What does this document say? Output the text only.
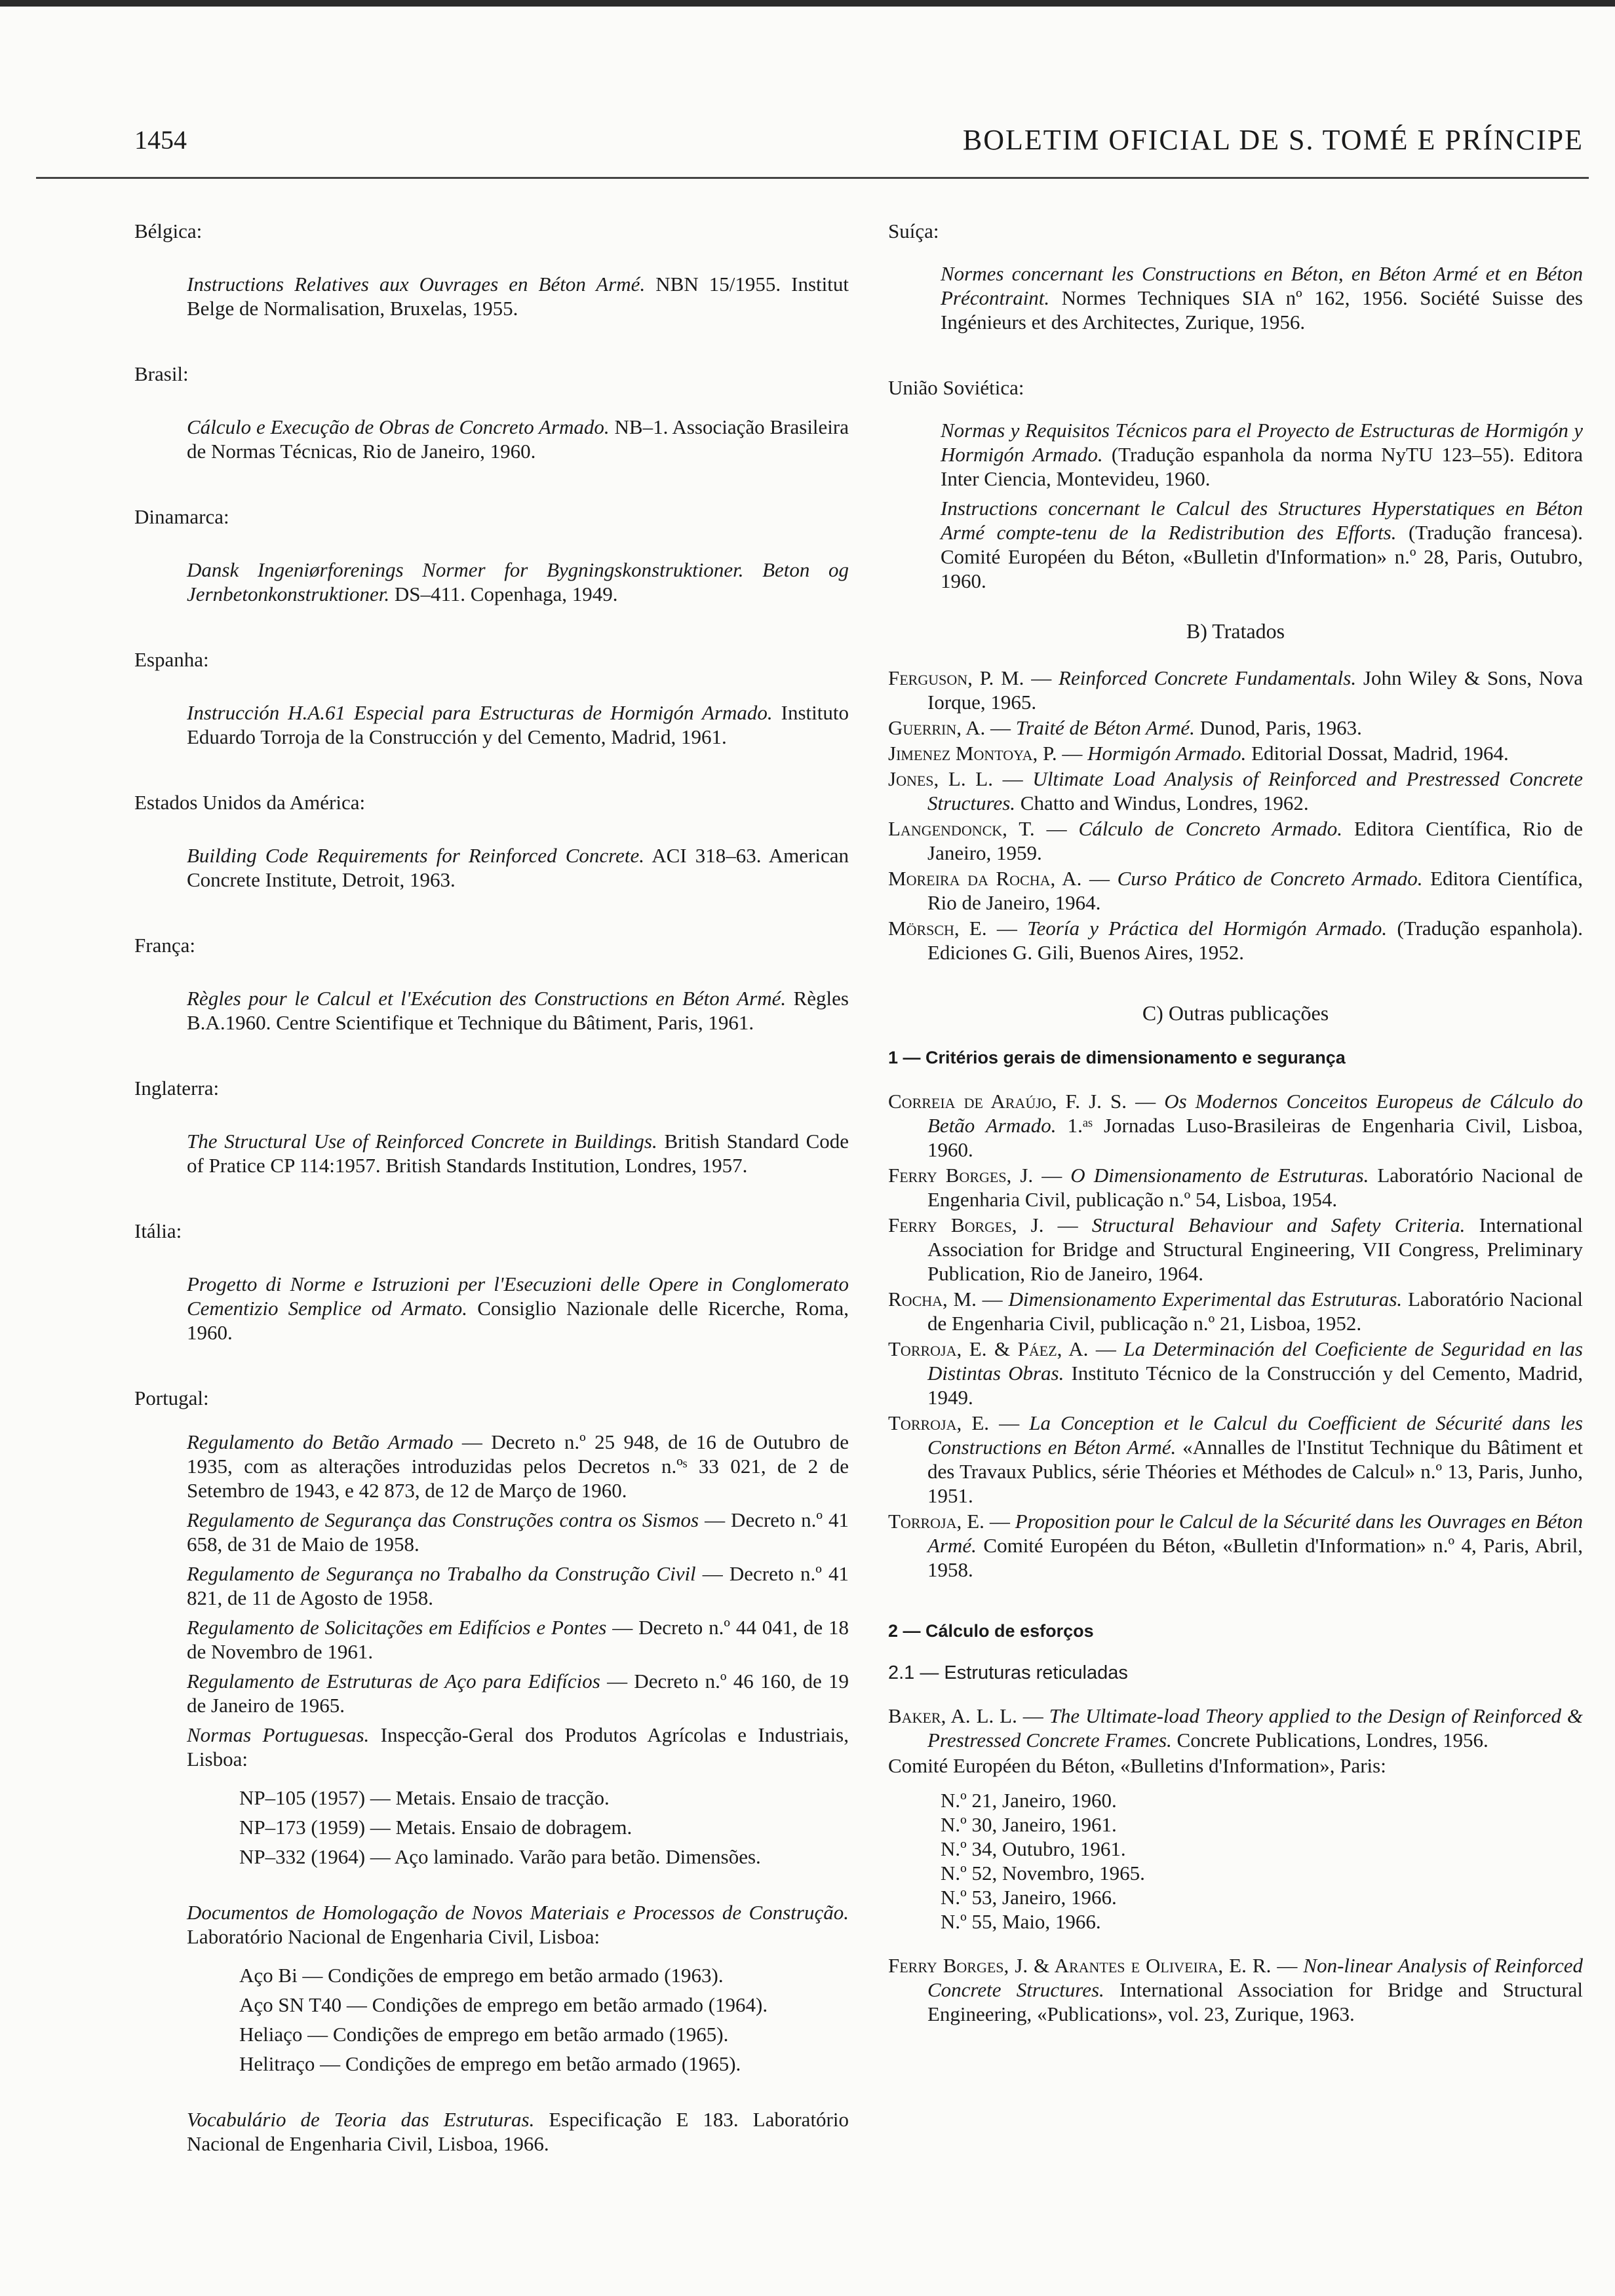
1454	BOLETIM OFICIAL DE S. TOMÉ E PRÍNCIPE
Bélgica:
Instructions Relatives aux Ouvrages en Béton Armé. NBN 15/1955. Institut Belge de Normalisation, Bruxelas, 1955.
Brasil:
Cálculo e Execução de Obras de Concreto Armado. NB–1. Associação Brasileira de Normas Técnicas, Rio de Janeiro, 1960.
Dinamarca:
Dansk Ingeniørforenings Normer for Bygningskonstruktioner. Beton og Jernbetonkonstruktioner. DS–411. Copenhaga, 1949.
Espanha:
Instrucción H.A.61 Especial para Estructuras de Hormigón Armado. Instituto Eduardo Torroja de la Construcción y del Cemento, Madrid, 1961.
Estados Unidos da América:
Building Code Requirements for Reinforced Concrete. ACI 318–63. American Concrete Institute, Detroit, 1963.
França:
Règles pour le Calcul et l'Exécution des Constructions en Béton Armé. Règles B.A.1960. Centre Scientifique et Technique du Bâtiment, Paris, 1961.
Inglaterra:
The Structural Use of Reinforced Concrete in Buildings. British Standard Code of Pratice CP 114:1957. British Standards Institution, Londres, 1957.
Itália:
Progetto di Norme e Istruzioni per l'Esecuzioni delle Opere in Conglomerato Cementizio Semplice od Armato. Consiglio Nazionale delle Ricerche, Roma, 1960.
Portugal:
Regulamento do Betão Armado — Decreto n.º 25 948, de 16 de Outubro de 1935, com as alterações introduzidas pelos Decretos n.ºˢ 33 021, de 2 de Setembro de 1943, e 42 873, de 12 de Março de 1960.
Regulamento de Segurança das Construções contra os Sismos — Decreto n.º 41 658, de 31 de Maio de 1958.
Regulamento de Segurança no Trabalho da Construção Civil — Decreto n.º 41 821, de 11 de Agosto de 1958.
Regulamento de Solicitações em Edifícios e Pontes — Decreto n.º 44 041, de 18 de Novembro de 1961.
Regulamento de Estruturas de Aço para Edifícios — Decreto n.º 46 160, de 19 de Janeiro de 1965.
Normas Portuguesas. Inspecção-Geral dos Produtos Agrícolas e Industriais, Lisboa:
NP–105 (1957) — Metais. Ensaio de tracção.
NP–173 (1959) — Metais. Ensaio de dobragem.
NP–332 (1964) — Aço laminado. Varão para betão. Dimensões.
Documentos de Homologação de Novos Materiais e Processos de Construção. Laboratório Nacional de Engenharia Civil, Lisboa:
Aço Bi — Condições de emprego em betão armado (1963).
Aço SN T40 — Condições de emprego em betão armado (1964).
Heliaço — Condições de emprego em betão armado (1965).
Helitraço — Condições de emprego em betão armado (1965).
Vocabulário de Teoria das Estruturas. Especificação E 183. Laboratório Nacional de Engenharia Civil, Lisboa, 1966.
Suíça:
Normes concernant les Constructions en Béton, en Béton Armé et en Béton Précontraint. Normes Techniques SIA nº 162, 1956. Société Suisse des Ingénieurs et des Architectes, Zurique, 1956.
União Soviética:
Normas y Requisitos Técnicos para el Proyecto de Estructuras de Hormigón y Hormigón Armado. (Tradução espanhola da norma NyTU 123–55). Editora Inter Ciencia, Montevideu, 1960.
Instructions concernant le Calcul des Structures Hyperstatiques en Béton Armé compte-tenu de la Redistribution des Efforts. (Tradução francesa). Comité Européen du Béton, «Bulletin d'Information» n.º 28, Paris, Outubro, 1960.
B) Tratados
Ferguson, P. M. — Reinforced Concrete Fundamentals. John Wiley & Sons, Nova Iorque, 1965.
Guerrin, A. — Traité de Béton Armé. Dunod, Paris, 1963.
Jimenez Montoya, P. — Hormigón Armado. Editorial Dossat, Madrid, 1964.
Jones, L. L. — Ultimate Load Analysis of Reinforced and Prestressed Concrete Structures. Chatto and Windus, Londres, 1962.
Langendonck, T. — Cálculo de Concreto Armado. Editora Científica, Rio de Janeiro, 1959.
Moreira da Rocha, A. — Curso Prático de Concreto Armado. Editora Científica, Rio de Janeiro, 1964.
Mörsch, E. — Teoría y Práctica del Hormigón Armado. (Tradução espanhola). Ediciones G. Gili, Buenos Aires, 1952.
C) Outras publicações
1 — Critérios gerais de dimensionamento e segurança
Correia de Araújo, F. J. S. — Os Modernos Conceitos Europeus de Cálculo do Betão Armado. 1.ᵃˢ Jornadas Luso-Brasileiras de Engenharia Civil, Lisboa, 1960.
Ferry Borges, J. — O Dimensionamento de Estruturas. Laboratório Nacional de Engenharia Civil, publicação n.º 54, Lisboa, 1954.
Ferry Borges, J. — Structural Behaviour and Safety Criteria. International Association for Bridge and Structural Engineering, VII Congress, Preliminary Publication, Rio de Janeiro, 1964.
Rocha, M. — Dimensionamento Experimental das Estruturas. Laboratório Nacional de Engenharia Civil, publicação n.º 21, Lisboa, 1952.
Torroja, E. & Páez, A. — La Determinación del Coeficiente de Seguridad en las Distintas Obras. Instituto Técnico de la Construcción y del Cemento, Madrid, 1949.
Torroja, E. — La Conception et le Calcul du Coefficient de Sécurité dans les Constructions en Béton Armé. «Annalles de l'Institut Technique du Bâtiment et des Travaux Publics, série Théories et Méthodes de Calcul» n.º 13, Paris, Junho, 1951.
Torroja, E. — Proposition pour le Calcul de la Sécurité dans les Ouvrages en Béton Armé. Comité Européen du Béton, «Bulletin d'Information» n.º 4, Paris, Abril, 1958.
2 — Cálculo de esforços
2.1 — Estruturas reticuladas
Baker, A. L. L. — The Ultimate-load Theory applied to the Design of Reinforced & Prestressed Concrete Frames. Concrete Publications, Londres, 1956.
Comité Européen du Béton, «Bulletins d'Information», Paris:
N.º 21, Janeiro, 1960.
N.º 30, Janeiro, 1961.
N.º 34, Outubro, 1961.
N.º 52, Novembro, 1965.
N.º 53, Janeiro, 1966.
N.º 55, Maio, 1966.
Ferry Borges, J. & Arantes e Oliveira, E. R. — Non-linear Analysis of Reinforced Concrete Structures. International Association for Bridge and Structural Engineering, «Publications», vol. 23, Zurique, 1963.
